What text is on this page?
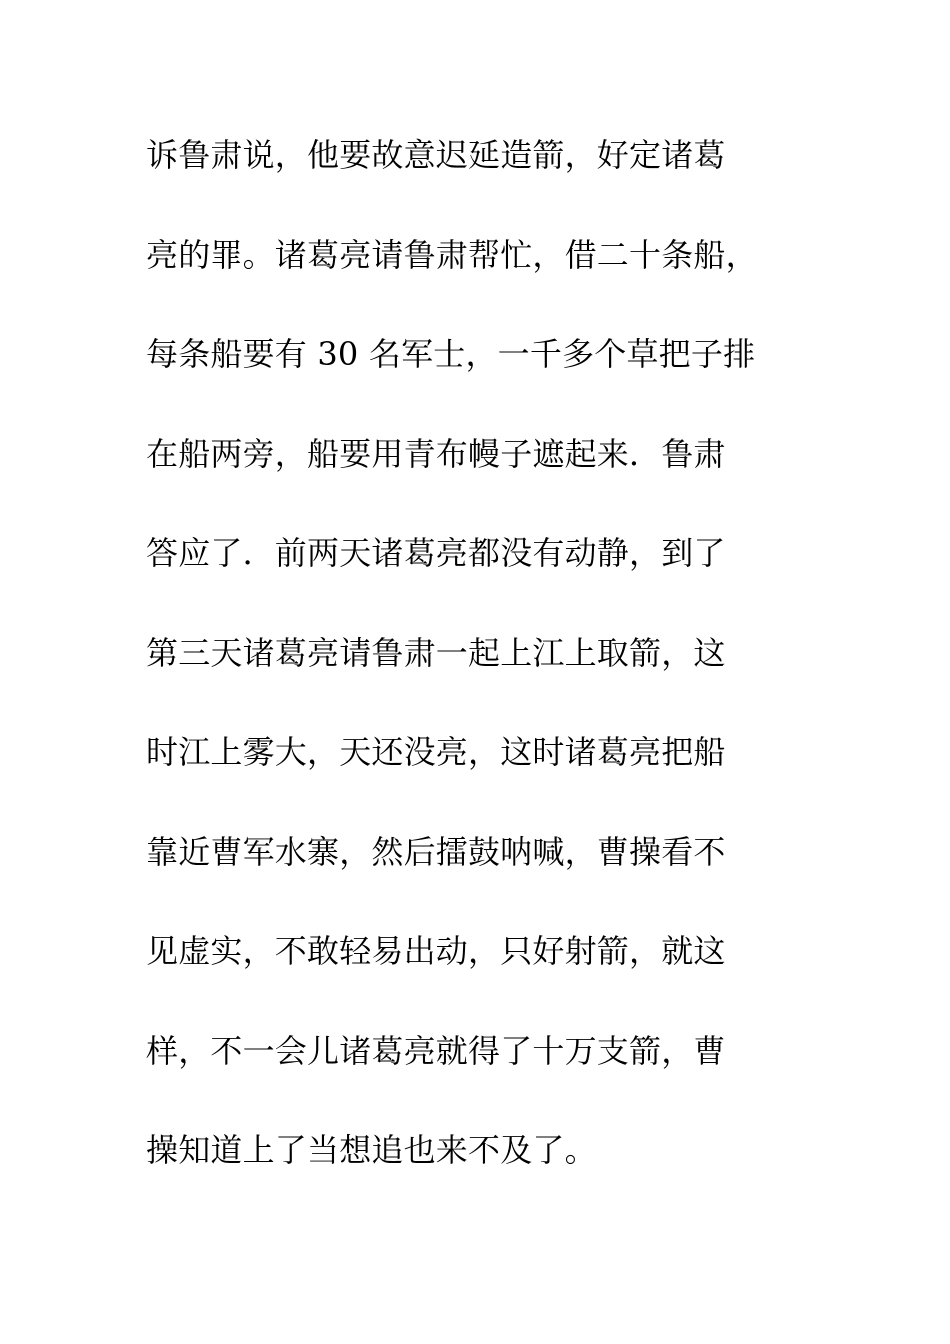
诉鲁肃说，他要故意迟延造箭，好定诸葛
亮的罪。诸葛亮请鲁肃帮忙，借二十条船，
每条船要有 30 名军士，一千多个草把子排
在船两旁，船要用青布幔子遮起来．鲁肃
答应了．前两天诸葛亮都没有动静，到了
第三天诸葛亮请鲁肃一起上江上取箭，这
时江上雾大，天还没亮，这时诸葛亮把船
靠近曹军水寨，然后擂鼓呐喊，曹操看不
见虚实，不敢轻易出动，只好射箭，就这
样，不一会儿诸葛亮就得了十万支箭，曹
操知道上了当想追也来不及了。
